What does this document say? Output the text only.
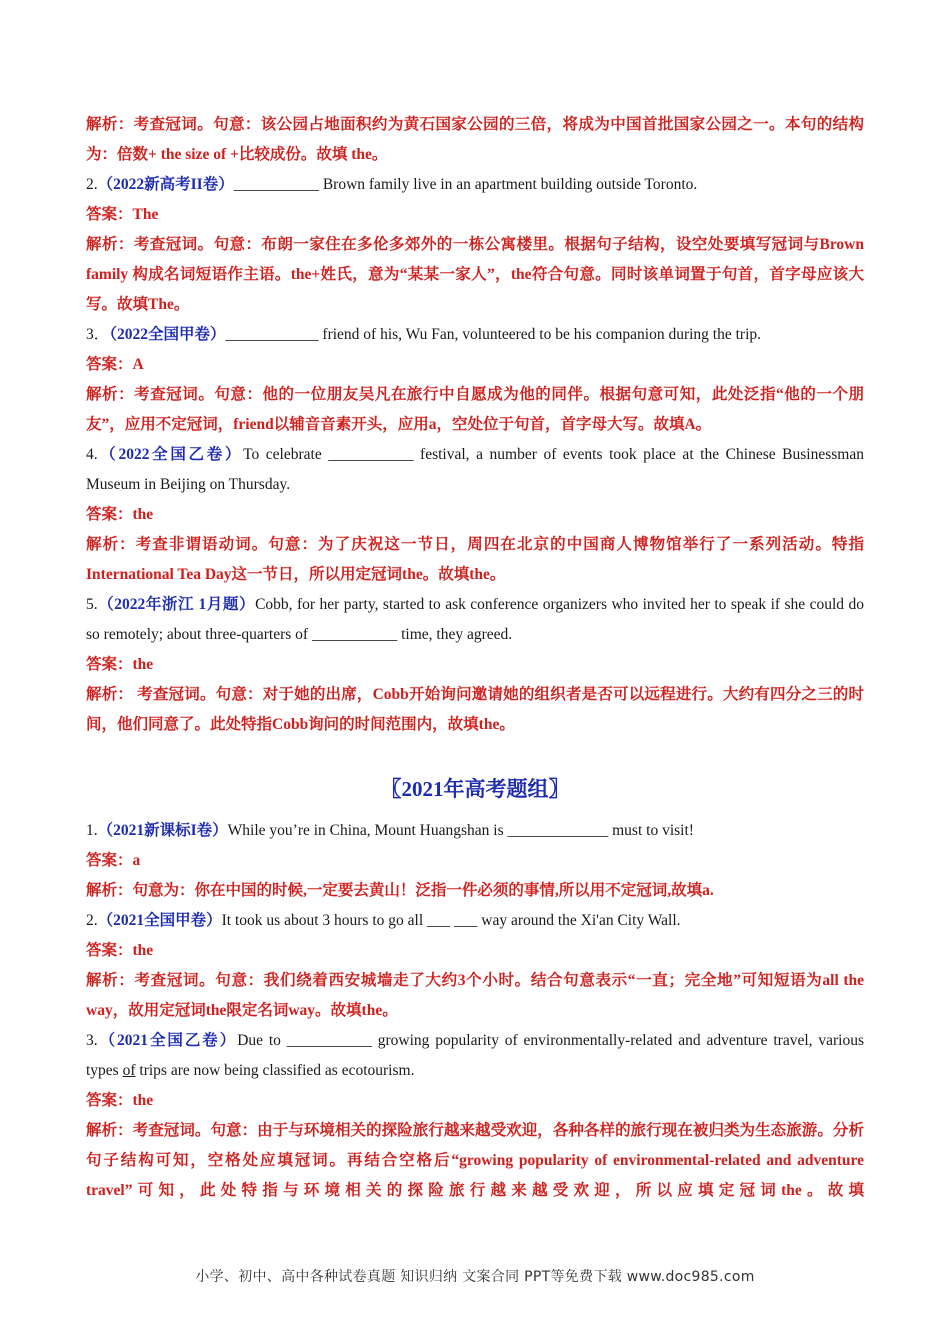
解析：考查冠词。句意：该公园占地面积约为黄石国家公园的三倍，将成为中国首批国家公园之一。本句的结构为：倍数+ the size of +比较成份。故填 the。
2.（2022新高考II卷）___________ Brown family live in an apartment building outside Toronto.
答案：The
解析：考查冠词。句意：布朗一家住在多伦多郊外的一栋公寓楼里。根据句子结构，设空处要填写冠词与Brown family 构成名词短语作主语。the+姓氏，意为“某某一家人”，the符合句意。同时该单词置于句首，首字母应该大写。故填The。
3．（2022全国甲卷）____________ friend of his, Wu Fan, volunteered to be his companion during the trip.
答案：A
解析：考查冠词。句意：他的一位朋友吴凡在旅行中自愿成为他的同伴。根据句意可知，此处泛指“他的一个朋友”，应用不定冠词，friend以辅音音素开头，应用a，空处位于句首，首字母大写。故填A。
4.（2022全国乙卷）To celebrate ___________ festival, a number of events took place at the Chinese Businessman Museum in Beijing on Thursday.
答案：the
解析：考查非谓语动词。句意：为了庆祝这一节日，周四在北京的中国商人博物馆举行了一系列活动。特指International Tea Day这一节日，所以用定冠词the。故填the。
5.（2022年浙江 1月题）Cobb, for her party, started to ask conference organizers who invited her to speak if she could do so remotely; about three-quarters of ___________ time, they agreed.
答案：the
解析： 考查冠词。句意：对于她的出席，Cobb开始询问邀请她的组织者是否可以远程进行。大约有四分之三的时间，他们同意了。此处特指Cobb询问的时间范围内，故填the。
〖2021年高考题组〗
1.（2021新课标I卷）While you’re in China, Mount Huangshan is _____________ must to visit!
答案：a
解析：句意为：你在中国的时候,一定要去黄山！泛指一件必须的事情,所以用不定冠词,故填a.
2.（2021全国甲卷）It took us about 3 hours to go all ___ ___ way around the Xi'an City Wall.
答案：the
解析：考查冠词。句意：我们绕着西安城墙走了大约3个小时。结合句意表示“一直；完全地”可知短语为all the way，故用定冠词the限定名词way。故填the。
3.（2021全国乙卷）Due to ___________ growing popularity of environmentally-related and adventure travel, various types of trips are now being classified as ecotourism.
答案：the
解析：考查冠词。句意：由于与环境相关的探险旅行越来越受欢迎，各种各样的旅行现在被归类为生态旅游。分析句子结构可知，空格处应填冠词。再结合空格后“growing popularity of environmental-related and adventure travel”可知，此处特指与环境相关的探险旅行越来越受欢迎，所以应填定冠词the。故填
小学、初中、高中各种试卷真题 知识归纳 文案合同 PPT等免费下载 www.doc985.com
